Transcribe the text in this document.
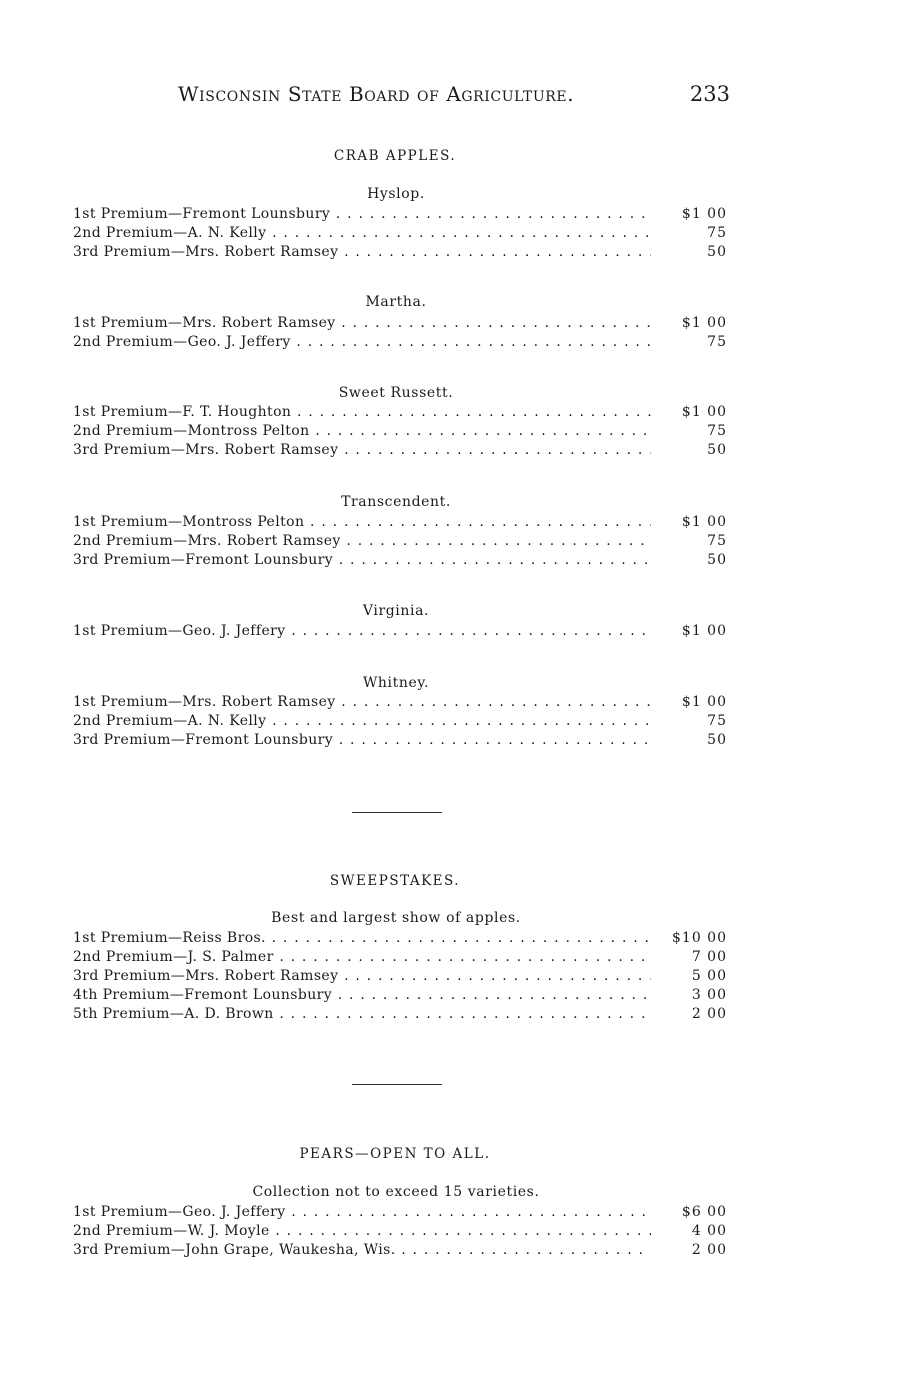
Wisconsin State Board of Agriculture.	233
CRAB APPLES.
Hyslop.
1st Premium—Fremont Lounsbury . . .	$1 00
2nd Premium—A. N. Kelly . . .	75
3rd Premium—Mrs. Robert Ramsey . . .	50
Martha.
1st Premium—Mrs. Robert Ramsey . . .	$1 00
2nd Premium—Geo. J. Jeffery . . .	75
Sweet Russett.
1st Premium—F. T. Houghton . . .	$1 00
2nd Premium—Montross Pelton . . .	75
3rd Premium—Mrs. Robert Ramsey . . .	50
Transcendent.
1st Premium—Montross Pelton . . .	$1 00
2nd Premium—Mrs. Robert Ramsey . . .	75
3rd Premium—Fremont Lounsbury . . .	50
Virginia.
1st Premium—Geo. J. Jeffery . . .	$1 00
Whitney.
1st Premium—Mrs. Robert Ramsey . . .	$1 00
2nd Premium—A. N. Kelly . . .	75
3rd Premium—Fremont Lounsbury . . .	50
SWEEPSTAKES.
Best and largest show of apples.
1st Premium—Reiss Bros. . . .	$10 00
2nd Premium—J. S. Palmer . . .	7 00
3rd Premium—Mrs. Robert Ramsey . . .	5 00
4th Premium—Fremont Lounsbury . . .	3 00
5th Premium—A. D. Brown . . .	2 00
PEARS—OPEN TO ALL.
Collection not to exceed 15 varieties.
1st Premium—Geo. J. Jeffery . . .	$6 00
2nd Premium—W. J. Moyle . . .	4 00
3rd Premium—John Grape, Waukesha, Wis. . . .	2 00
